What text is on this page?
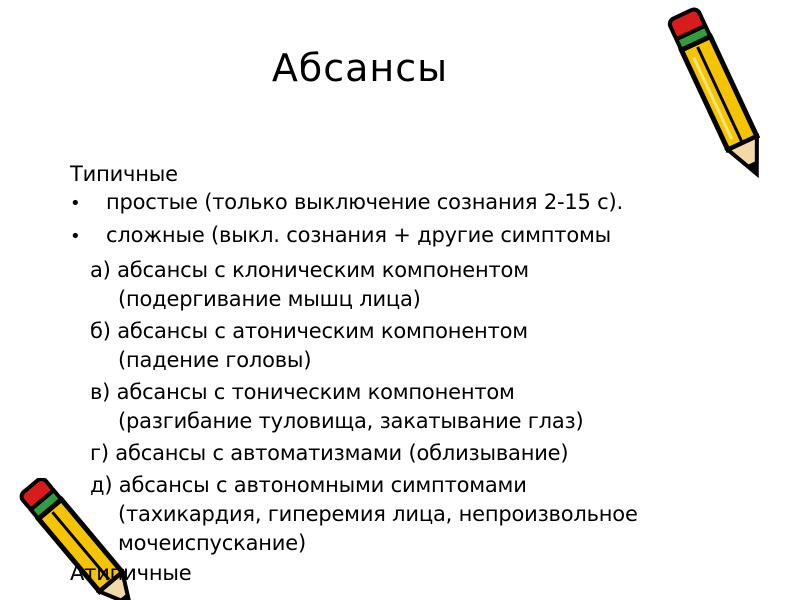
Абсансы
Типичные
•	простые (только выключение сознания 2-15 с).
•	сложные (выкл. сознания + другие симптомы
а) абсансы с клоническим компонентом
(подергивание мышц лица)
б) абсансы с атоническим компонентом
(падение головы)
в) абсансы с тоническим компонентом
(разгибание туловища, закатывание глаз)
г) абсансы с автоматизмами (облизывание)
д) абсансы с автономными симптомами
(тахикардия, гиперемия лица, непроизвольное
мочеиспускание)
Атипичные
